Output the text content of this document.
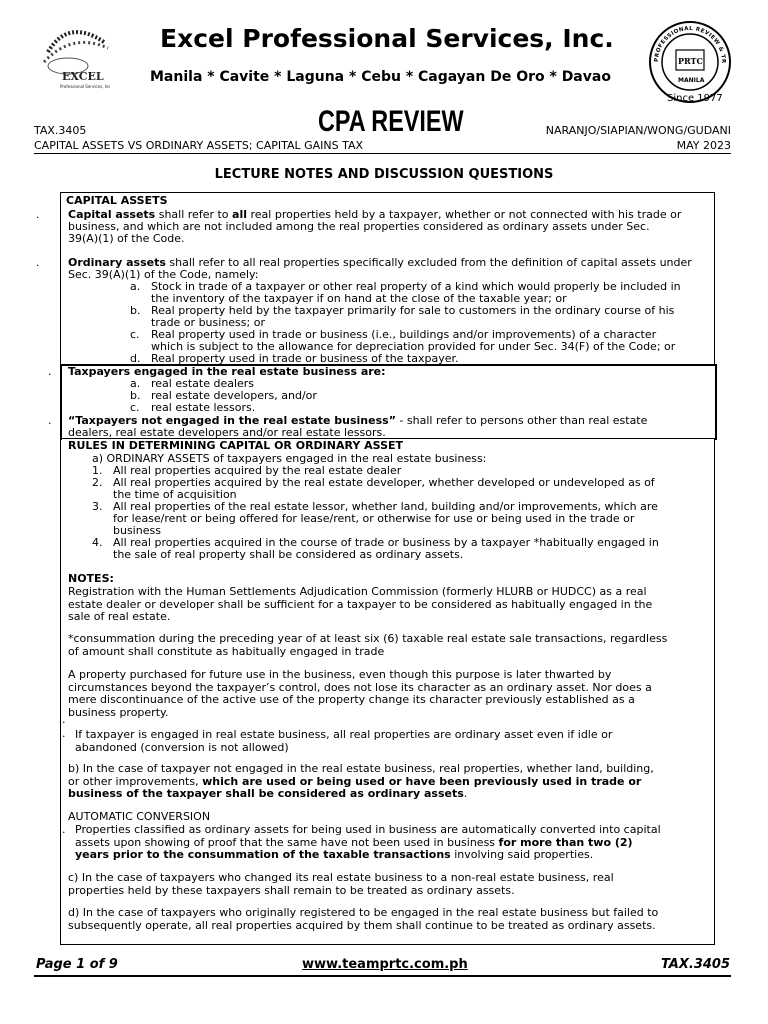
EXCEL
Professional Services, Inc.
Excel Professional Services, Inc.
Manila * Cavite * Laguna * Cebu * Cagayan De Oro * Davao
PROFESSIONAL REVIEW & TR
PRTC
MANILA
Since 1977
CPA REVIEW
TAX.3405	NARANJO/SIAPIAN/WONG/GUDANI
CAPITAL ASSETS VS ORDINARY ASSETS; CAPITAL GAINS TAX	MAY 2023
LECTURE NOTES AND DISCUSSION QUESTIONS
CAPITAL ASSETS
.	Capital assets shall refer to all real properties held by a taxpayer, whether or not connected with his trade or
business, and which are not included among the real properties considered as ordinary assets under Sec.
39(A)(1) of the Code.
.	Ordinary assets shall refer to all real properties specifically excluded from the definition of capital assets under
Sec. 39(A)(1) of the Code, namely:
a. Stock in trade of a taxpayer or other real property of a kind which would properly be included in
the inventory of the taxpayer if on hand at the close of the taxable year; or
b. Real property held by the taxpayer primarily for sale to customers in the ordinary course of his
trade or business; or
c. Real property used in trade or business (i.e., buildings and/or improvements) of a character
which is subject to the allowance for depreciation provided for under Sec. 34(F) of the Code; or
d. Real property used in trade or business of the taxpayer.
. Taxpayers engaged in the real estate business are:
a. real estate dealers
b. real estate developers, and/or
c. real estate lessors.
. “Taxpayers not engaged in the real estate business” - shall refer to persons other than real estate
dealers, real estate developers and/or real estate lessors.
RULES IN DETERMINING CAPITAL OR ORDINARY ASSET
a) ORDINARY ASSETS of taxpayers engaged in the real estate business:
1. All real properties acquired by the real estate dealer
2. All real properties acquired by the real estate developer, whether developed or undeveloped as of
the time of acquisition
3. All real properties of the real estate lessor, whether land, building and/or improvements, which are
for lease/rent or being offered for lease/rent, or otherwise for use or being used in the trade or
business
4. All real properties acquired in the course of trade or business by a taxpayer *habitually engaged in
the sale of real property shall be considered as ordinary assets.
NOTES:
Registration with the Human Settlements Adjudication Commission (formerly HLURB or HUDCC) as a real
estate dealer or developer shall be sufficient for a taxpayer to be considered as habitually engaged in the
sale of real estate.
*consummation during the preceding year of at least six (6) taxable real estate sale transactions, regardless
of amount shall constitute as habitually engaged in trade
A property purchased for future use in the business, even though this purpose is later thwarted by
circumstances beyond the taxpayer’s control, does not lose its character as an ordinary asset. Nor does a
mere discontinuance of the active use of the property change its character previously established as a
business property.
.
. If taxpayer is engaged in real estate business, all real properties are ordinary asset even if idle or
abandoned (conversion is not allowed)
b) In the case of taxpayer not engaged in the real estate business, real properties, whether land, building,
or other improvements, which are used or being used or have been previously used in trade or
business of the taxpayer shall be considered as ordinary assets.
AUTOMATIC CONVERSION
. Properties classified as ordinary assets for being used in business are automatically converted into capital
assets upon showing of proof that the same have not been used in business for more than two (2)
years prior to the consummation of the taxable transactions involving said properties.
c) In the case of taxpayers who changed its real estate business to a non-real estate business, real
properties held by these taxpayers shall remain to be treated as ordinary assets.
d) In the case of taxpayers who originally registered to be engaged in the real estate business but failed to
subsequently operate, all real properties acquired by them shall continue to be treated as ordinary assets.
Page 1 of 9	www.teamprtc.com.ph	TAX.3405
